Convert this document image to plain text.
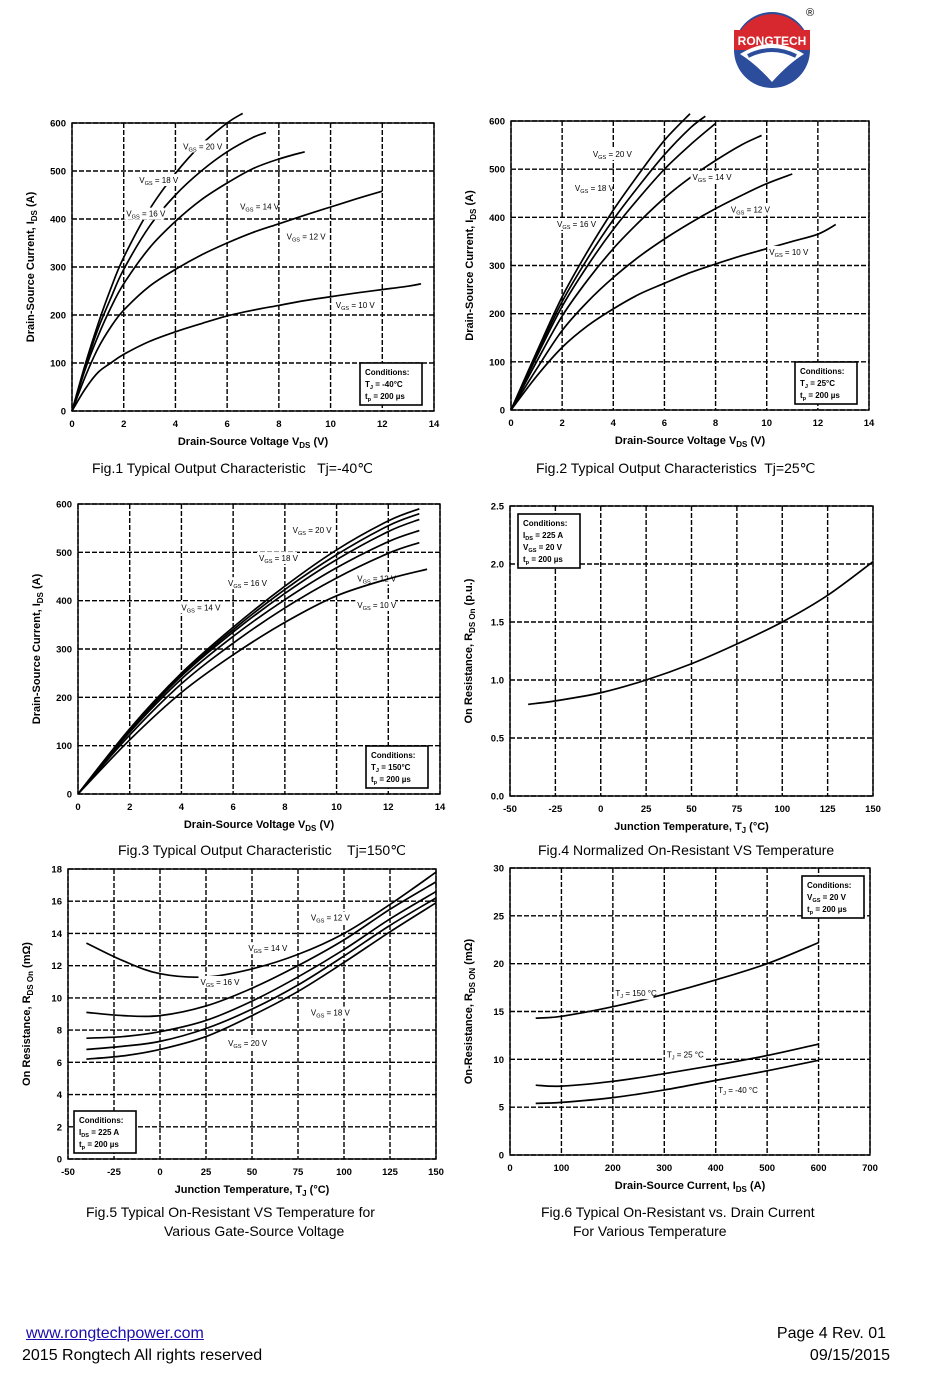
RONGTECH
®
0	2	4	6	8	10	12	14
0
100
200
300
400
500
600
Drain-Source Voltage $V_{DS}$ (V)
Drain-Source Current, $I_{DS}$ (A)
$V_{GS} = 20$ V
$V_{GS} = 18$ V
$V_{GS} = 16$ V
$V_{GS} = 14$ V
$V_{GS} = 12$ V
$V_{GS} = 10$ V
Conditions:
$T_J = -40^\circ C$
$t_p = 200$ µs
0	2	4	6	8	10	12	14
0
100
200
300
400
500
600
Drain-Source Voltage $V_{DS}$ (V)
Drain-Source Current, $I_{DS}$ (A)
$V_{GS} = 20$ V
$V_{GS} = 18$ V
$V_{GS} = 16$ V
$V_{GS} = 14$ V
$V_{GS} = 12$ V
$V_{GS} = 10$ V
Conditions:
$T_J = 25^\circ C$
$t_p = 200$ µs
0	2	4	6	8	10	12	14
0
100
200
300
400
500
600
Drain-Source Voltage $V_{DS}$ (V)
Drain-Source Current, $I_{DS}$ (A)
$V_{GS} = 20$ V
$V_{GS} = 18$ V
$V_{GS} = 16$ V
$V_{GS} = 14$ V
$V_{GS} = 12$ V
$V_{GS} = 10$ V
Conditions:
$T_J = 150^\circ C$
$t_p = 200$ µs
-50	-25	0	25	50	75	100	125	150
0.0
0.5
1.0
1.5
2.0
2.5
Junction Temperature, $T_J$ (°C)
On Resistance, $R_{DS On}$ (p.u.)
Conditions:
$I_{DS} = 225$ A
$V_{GS} = 20$ V
$t_p = 200$ µs
-50	-25	0	25	50	75	100	125	150
0
2
4
6
8
10
12
14
16
18
Junction Temperature, $T_J$ (°C)
On Resistance, $R_{DS On}$ (mΩ)
$V_{GS} = 12$ V
$V_{GS} = 14$ V
$V_{GS} = 16$ V
$V_{GS} = 18$ V
$V_{GS} = 20$ V
Conditions:
$I_{DS} = 225$ A
$t_p = 200$ µs
0	100	200	300	400	500	600	700
0
5
10
15
20
25
30
Drain-Source Current, $I_{DS}$ (A)
On-Resistance, $R_{DS ON}$ (mΩ)
$T_J = 150$ °C
$T_J = 25$ °C
$T_J = -40$ °C
Conditions:
$V_{GS} = 20$ V
$t_p = 200$ µs
Fig.1 Typical Output Characteristic   Tj=-40℃	Fig.2 Typical Output Characteristics  Tj=25℃
Fig.3 Typical Output Characteristic    Tj=150℃	Fig.4 Normalized On-Resistant VS Temperature
Fig.5 Typical On-Resistant VS Temperature for
Various Gate-Source Voltage
Fig.6 Typical On-Resistant vs. Drain Current
For Various Temperature
www.rongtechpower.com
2015 Rongtech All rights reserved
Page 4 Rev. 01
09/15/2015
